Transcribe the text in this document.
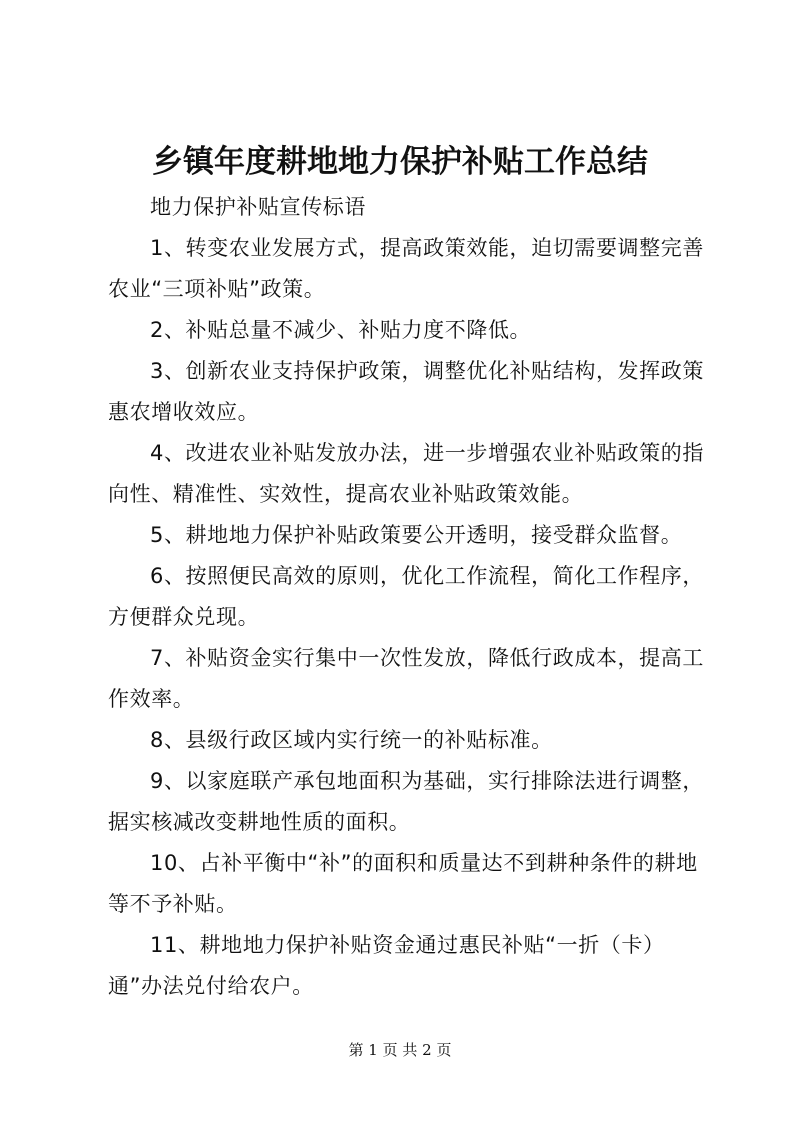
乡镇年度耕地地力保护补贴工作总结

地力保护补贴宣传标语

1、转变农业发展方式，提高政策效能，迫切需要调整完善农业“三项补贴”政策。

2、补贴总量不减少、补贴力度不降低。

3、创新农业支持保护政策，调整优化补贴结构，发挥政策惠农增收效应。

4、改进农业补贴发放办法，进一步增强农业补贴政策的指向性、精准性、实效性，提高农业补贴政策效能。

5、耕地地力保护补贴政策要公开透明，接受群众监督。

6、按照便民高效的原则，优化工作流程，简化工作程序，方便群众兑现。

7、补贴资金实行集中一次性发放，降低行政成本，提高工作效率。

8、县级行政区域内实行统一的补贴标准。

9、以家庭联产承包地面积为基础，实行排除法进行调整，据实核减改变耕地性质的面积。

10、占补平衡中“补”的面积和质量达不到耕种条件的耕地等不予补贴。

11、耕地地力保护补贴资金通过惠民补贴“一折（卡）通”办法兑付给农户。

第 1 页 共 2 页
